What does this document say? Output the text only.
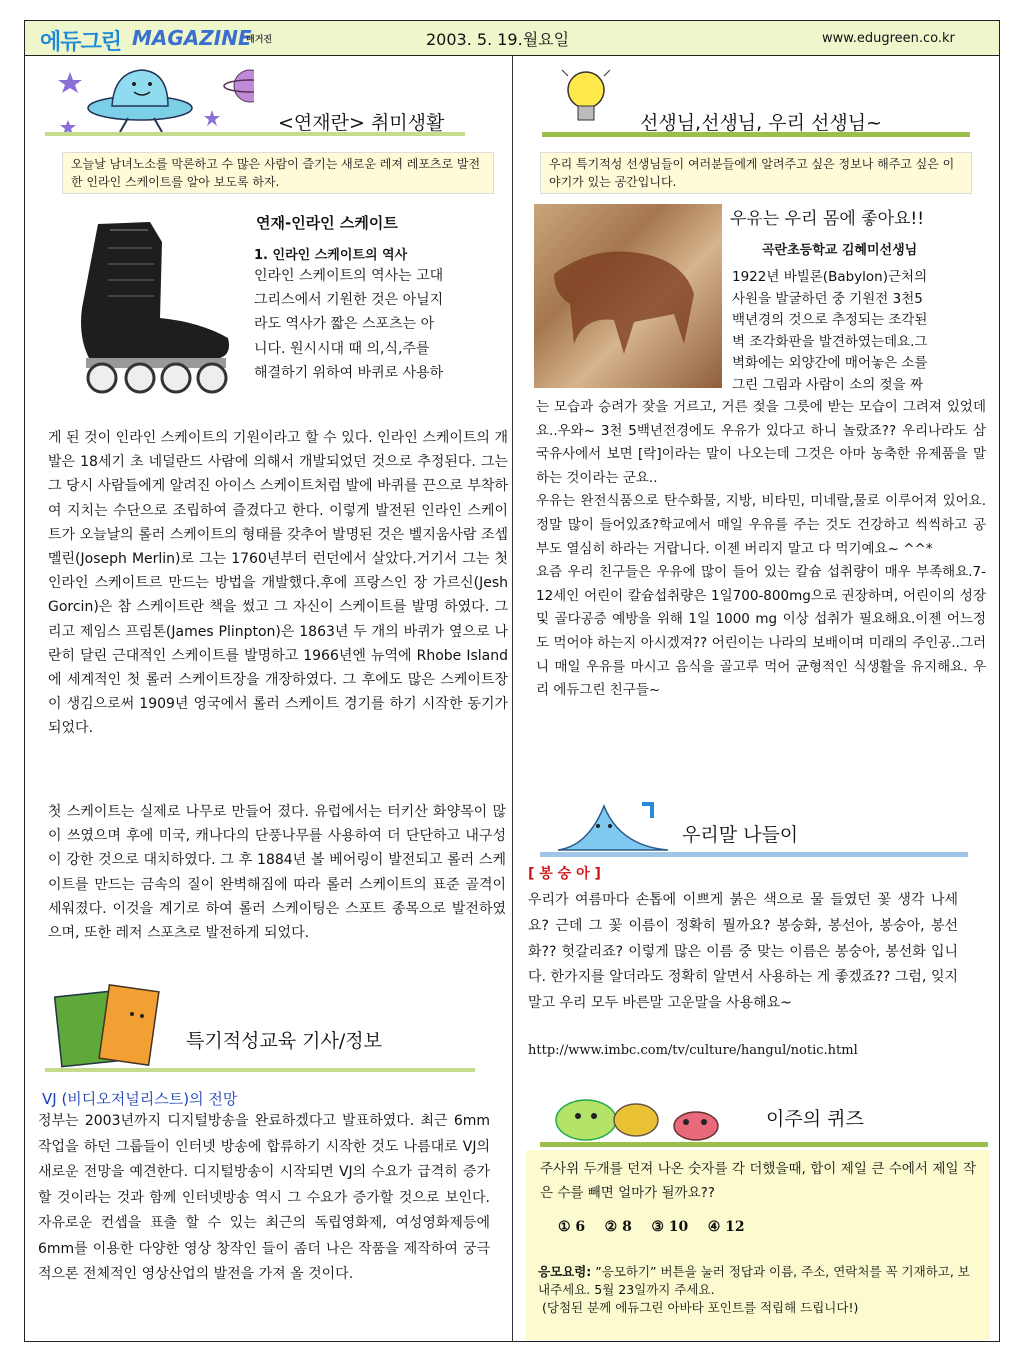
에듀그린 MAGAZINE
매거진	2003. 5. 19.월요일	www.edugreen.co.kr
<연재란> 취미생활
오늘날 남녀노소를 막론하고 수 많은 사람이 즐기는 새로운 레져 레포츠로 발전한 인라인 스케이트를 알아 보도록 하자.
연재-인라인 스케이트
1. 인라인 스케이트의 역사

인라인 스케이트의 역사는 고대

그리스에서 기원한 것은 아닐지

라도 역사가 짧은 스포츠는 아

니다. 원시시대 때 의,식,주를

해결하기 위하여 바퀴로 사용하

게 된 것이 인라인 스케이트의 기원이라고 할 수 있다. 인라인 스케이트의 개발은 18세기 초 네덜란드 사람에 의해서 개발되었던 것으로 추정된다. 그는 그 당시 사람들에게 알려진 아이스 스케이트처럼 발에 바퀴를 끈으로 부착하여 지치는 수단으로 조립하여 즐겼다고 한다. 이렇게 발전된 인라인 스케이트가 오늘날의 롤러 스케이트의 형태를 갖추어 발명된 것은 벨지움사람 조셉 멜린(Joseph Merlin)로 그는 1760년부터 런던에서 살았다.거기서 그는 첫 인라인 스케이트르 만드는 방법을 개발했다.후에 프랑스인 장 가르신(Jesh Gorcin)은 참 스케이트란 책을 썼고 그 자신이 스케이트를 발명 하였다. 그리고 제임스 프림톤(James Plinpton)은 1863년 두 개의 바퀴가 옆으로 나란히 달린 근대적인 스케이트를 발명하고 1966년엔 뉴역에 Rhobe Island에 세계적인 첫 롤러 스케이트장을 개장하였다. 그 후에도 많은 스케이트장이 생김으로써 1909년 영국에서 롤러 스케이트 경기를 하기 시작한 동기가 되었다.
첫 스케이트는 실제로 나무로 만들어 졌다. 유럽에서는 터키산 화양목이 많이 쓰였으며 후에 미국, 캐나다의 단풍나무를 사용하여 더 단단하고 내구성이 강한 것으로 대치하였다. 그 후 1884년 볼 베어링이 발전되고 롤러 스케이트를 만드는 금속의 질이 완벽해짐에 따라 롤러 스케이트의 표준 골격이 세워졌다. 이것을 계기로 하여 롤러 스케이팅은 스포트 종목으로 발전하였으며, 또한 레저 스포츠로 발전하게 되었다.
특기적성교육 기사/정보
VJ (비디오저널리스트)의 전망
정부는 2003년까지 디지털방송을 완료하겠다고 발표하였다. 최근 6mm작업을 하던 그룹들이 인터넷 방송에 합류하기 시작한 것도 나름대로 VJ의 새로운 전망을 예견한다. 디지털방송이 시작되면 VJ의 수요가 급격히 증가할 것이라는 것과 함께 인터넷방송 역시 그 수요가 증가할 것으로 보인다. 자유로운 컨셉을 표출 할 수 있는 최근의 독립영화제, 여성영화제등에 6mm를 이용한 다양한 영상 창작인 들이 좀더 나은 작품을 제작하여 궁극적으론 전체적인 영상산업의 발전을 가져 올 것이다.
선생님,선생님, 우리 선생님~
우리 특기적성 선생님들이 여러분들에게 알려주고 싶은 정보나 해주고 싶은 이야기가 있는 공간입니다.
우유는 우리 몸에 좋아요!!
곡란초등학교 김혜미선생님

1922년 바빌론(Babylon)근처의

사원을 발굴하던 중 기원전 3천5

백년경의 것으로 추정되는 조각된

벽 조각화판을 발견하였는데요.그

벽화에는 외양간에 매어놓은 소를

그린 그림과 사람이 소의 젖을 짜

는 모습과 승려가 잦을 거르고, 거른 젖을 그릇에 받는 모습이 그려져 있었데요..우와~ 3천 5백년전경에도 우유가 있다고 하니 놀랐죠?? 우리나라도 삼국유사에서 보면 [락]이라는 말이 나오는데 그것은 아마 농축한 유제품을 말하는 것이라는 군요..

우유는 완전식품으로 탄수화물, 지방, 비타민, 미네랄,물로 이루어져 있어요.정말 많이 들어있죠?학교에서 매일 우유를 주는 것도 건강하고 씩씩하고 공부도 열심히 하라는 거랍니다. 이젠 버리지 말고 다 먹기예요~ ^^*

요즘 우리 친구들은 우유에 많이 들어 있는 칼슘 섭취량이 매우 부족해요.7-12세인 어린이 칼슘섭취량은 1일700-800mg으로 권장하며, 어린이의 성장 및 골다공증 예방을 위해 1일 1000 mg 이상 섭취가 필요해요.이젠 어느정도 먹어야 하는지 아시겠져?? 어린이는 나라의 보배이며 미래의 주인공..그러니 매일 우유를 마시고 음식을 골고루 먹어 균형적인 식생활을 유지해요. 우리 에듀그린 친구들~

우리말 나들이
[ 봉 숭 아 ]
우리가 여름마다 손톱에 이쁘게 붉은 색으로 물 들였던 꽃 생각 나세요? 근데 그 꽃 이름이 정확히 뭘까요? 봉숭화, 봉선아, 봉숭아, 봉선화?? 헛갈리죠? 이렇게 많은 이름 중 맞는 이름은 봉숭아, 봉선화 입니다. 한가지를 알더라도 정확히 알면서 사용하는 게 좋겠죠?? 그럼, 잊지 말고 우리 모두 바른말 고운말을 사용해요~
http://www.imbc.com/tv/culture/hangul/notic.html
이주의 퀴즈
주사위 두개를 던져 나온 숫자를 각 더했을때, 합이 제일 큰 수에서 제일 작은 수를 빼면 얼마가 될까요??
① 6    ② 8    ③ 10    ④ 12
응모요령: ”응모하기” 버튼을 눌러 정답과 이름, 주소, 연락처를 꼭 기재하고, 보내주세요. 5월 23일까지 주세요.
(당첨된 분께 에듀그린 아바타 포인트를 적립해 드립니다!)
